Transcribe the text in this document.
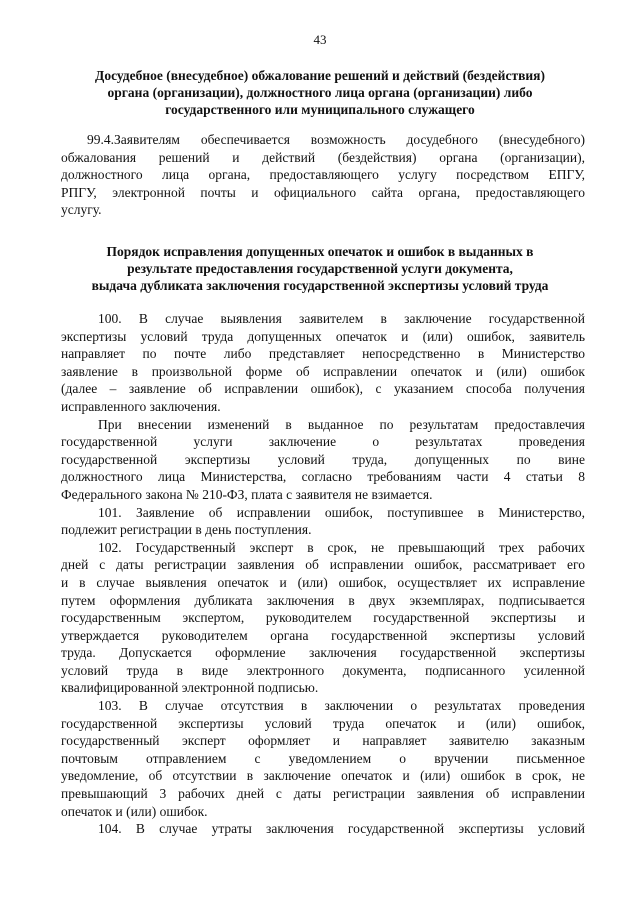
43
Досудебное (внесудебное) обжалование решений и действий (бездействия)
органа (организации), должностного лица органа (организации) либо
государственного или муниципального служащего
99.4.Заявителям обеспечивается возможность досудебного (внесудебного)
обжалования решений и действий (бездействия) органа (организации),
должностного лица органа, предоставляющего услугу посредством ЕПГУ,
РПГУ, электронной почты и официального сайта органа, предоставляющего
услугу.
Порядок исправления допущенных опечаток и ошибок в выданных в
результате предоставления государственной услуги документа,
выдача дубликата заключения государственной экспертизы условий труда
100. В случае выявления заявителем в заключение государственной
экспертизы условий труда допущенных опечаток и (или) ошибок, заявитель
направляет по почте либо представляет непосредственно в Министерство
заявление в произвольной форме об исправлении опечаток и (или) ошибок
(далее – заявление об исправлении ошибок), с указанием способа получения
исправленного заключения.
При внесении изменений в выданное по результатам предоставлечия
государственной услуги заключение о результатах проведения
государственной экспертизы условий труда, допущенных по вине
должностного лица Министерства, согласно требованиям части 4 статьи 8
Федерального закона № 210-ФЗ, плата с заявителя не взимается.
101. Заявление об исправлении ошибок, поступившее в Министерство,
подлежит регистрации в день поступления.
102. Государственный эксперт в срок, не превышающий трех рабочих
дней с даты регистрации заявления об исправлении ошибок, рассматривает его
и в случае выявления опечаток и (или) ошибок, осуществляет их исправление
путем оформления дубликата заключения в двух экземплярах, подписывается
государственным экспертом, руководителем государственной экспертизы и
утверждается руководителем органа государственной экспертизы условий
труда. Допускается оформление заключения государственной экспертизы
условий труда в виде электронного документа, подписанного усиленной
квалифицированной электронной подписью.
103. В случае отсутствия в заключении о результатах проведения
государственной экспертизы условий труда опечаток и (или) ошибок,
государственный эксперт оформляет и направляет заявителю заказным
почтовым отправлением с уведомлением о вручении письменное
уведомление, об отсутствии в заключение опечаток и (или) ошибок в срок, не
превышающий 3 рабочих дней с даты регистрации заявления об исправлении
опечаток и (или) ошибок.
104. В случае утраты заключения государственной экспертизы условий
